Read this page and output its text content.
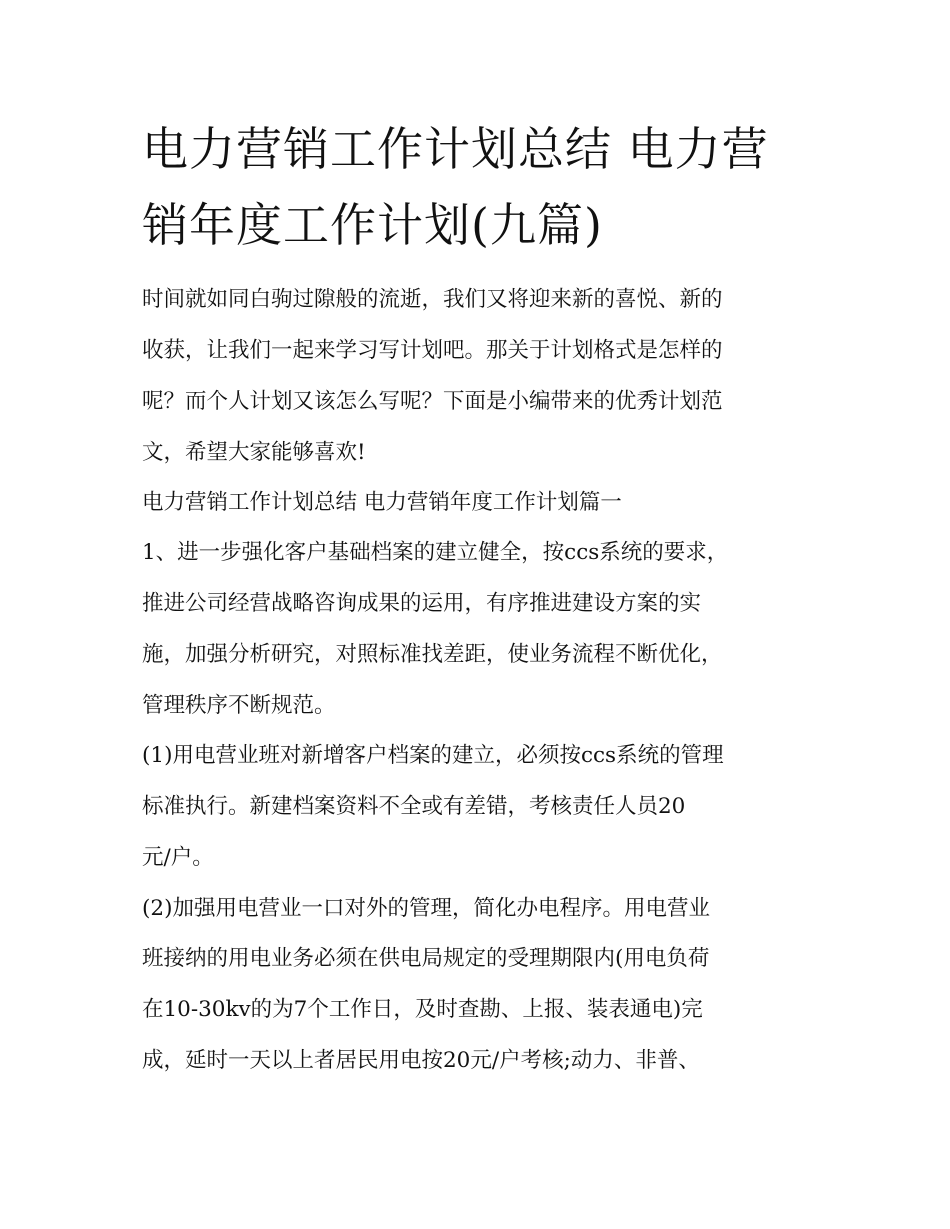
电力营销工作计划总结 电力营
销年度工作计划(九篇)
时间就如同白驹过隙般的流逝，我们又将迎来新的喜悦、新的
收获，让我们一起来学习写计划吧。那关于计划格式是怎样的
呢？而个人计划又该怎么写呢？下面是小编带来的优秀计划范
文，希望大家能够喜欢!
电力营销工作计划总结 电力营销年度工作计划篇一
1、进一步强化客户基础档案的建立健全，按ccs系统的要求，
推进公司经营战略咨询成果的运用，有序推进建设方案的实
施，加强分析研究，对照标准找差距，使业务流程不断优化，
管理秩序不断规范。
(1)用电营业班对新增客户档案的建立，必须按ccs系统的管理
标准执行。新建档案资料不全或有差错，考核责任人员20
元/户。
(2)加强用电营业一口对外的管理，简化办电程序。用电营业
班接纳的用电业务必须在供电局规定的受理期限内(用电负荷
在10-30kv的为7个工作日，及时查勘、上报、装表通电)完
成，延时一天以上者居民用电按20元/户考核;动力、非普、
